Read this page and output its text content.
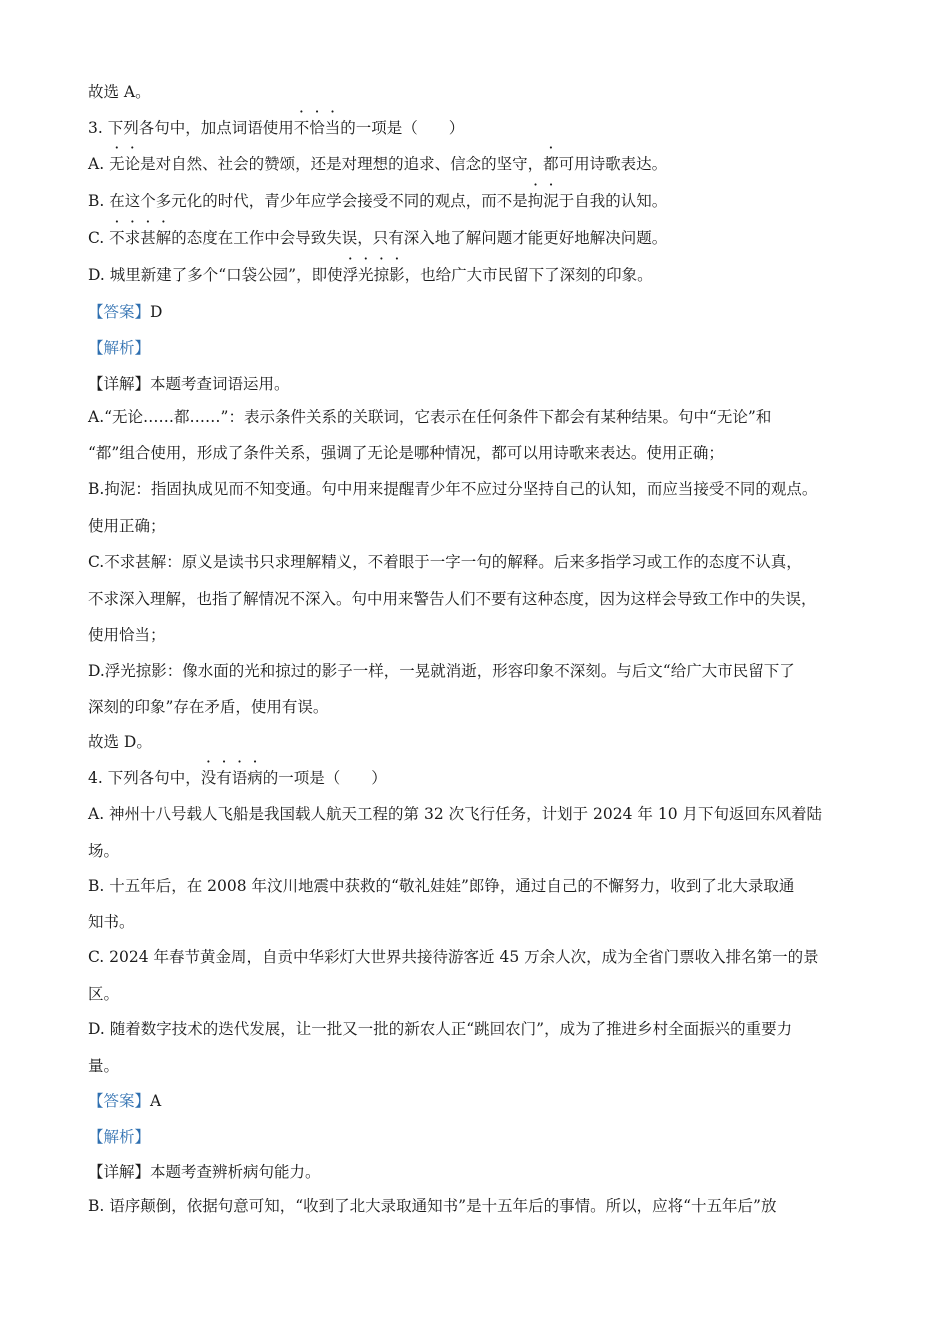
故选 A。
3. 下列各句中，加点词语使用不恰当的一项是（　　）
A. 无论是对自然、社会的赞颂，还是对理想的追求、信念的坚守，都可用诗歌表达。
B. 在这个多元化的时代，青少年应学会接受不同的观点，而不是拘泥于自我的认知。
C. 不求甚解的态度在工作中会导致失误，只有深入地了解问题才能更好地解决问题。
D. 城里新建了多个“口袋公园”，即使浮光掠影，也给广大市民留下了深刻的印象。
【答案】D
【解析】
【详解】本题考查词语运用。
A.“无论……都……”：表示条件关系的关联词，它表示在任何条件下都会有某种结果。句中“无论”和
“都”组合使用，形成了条件关系，强调了无论是哪种情况，都可以用诗歌来表达。使用正确；
B.拘泥：指固执成见而不知变通。句中用来提醒青少年不应过分坚持自己的认知，而应当接受不同的观点。
使用正确；
C.不求甚解：原义是读书只求理解精义，不着眼于一字一句的解释。后来多指学习或工作的态度不认真，
不求深入理解，也指了解情况不深入。句中用来警告人们不要有这种态度，因为这样会导致工作中的失误，
使用恰当；
D.浮光掠影：像水面的光和掠过的影子一样，一晃就消逝，形容印象不深刻。与后文“给广大市民留下了
深刻的印象”存在矛盾，使用有误。
故选 D。
4. 下列各句中，没有语病的一项是（　　）
A. 神州十八号载人飞船是我国载人航天工程的第 32 次飞行任务，计划于 2024 年 10 月下旬返回东风着陆
场。
B. 十五年后，在 2008 年汶川地震中获救的“敬礼娃娃”郎铮，通过自己的不懈努力，收到了北大录取通
知书。
C. 2024 年春节黄金周，自贡中华彩灯大世界共接待游客近 45 万余人次，成为全省门票收入排名第一的景
区。
D. 随着数字技术的迭代发展，让一批又一批的新农人正“跳回农门”，成为了推进乡村全面振兴的重要力
量。
【答案】A
【解析】
【详解】本题考查辨析病句能力。
B. 语序颠倒，依据句意可知，“收到了北大录取通知书”是十五年后的事情。所以，应将“十五年后”放
